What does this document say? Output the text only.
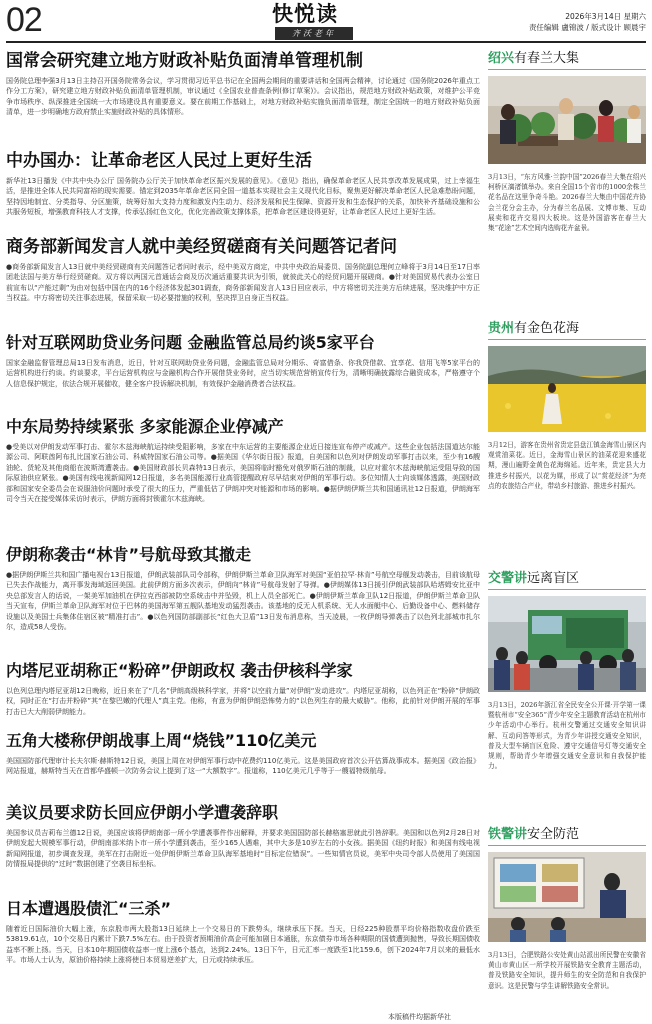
02	快悦读
齐沃老年
2026年3月14日 星期六
责任编辑 盧锦波 / 版式设计 顾晨宇
国常会研究建立地方财政补贴负面清单管理机制
国务院总理李强3月13日主持召开国务院常务会议，学习贯彻习近平总书记在全国两会期间的重要讲话和全国两会精神，讨论通过《国务院2026年重点工作分工方案》，研究建立地方财政补贴负面清单管理机制，审议通过《全国农业普查条例(修订草案)》。会议指出，规范地方财政补贴政策，对维护公平竞争市场秩序、纵深推进全国统一大市场建设具有重要意义。要在前期工作基础上，对地方财政补贴实施负面清单管理，制定全国统一的地方财政补贴负面清单，进一步明确地方政府禁止实施财政补贴的具体情形。
中办国办：让革命老区人民过上更好生活
新华社13日播发《中共中央办公厅 国务院办公厅关于加快革命老区振兴发展的意见》。《意见》指出，确保革命老区人民共享改革发展成果，过上幸福生活，是推进全体人民共同富裕的现实需要。锚定到2035年革命老区同全国一道基本实现社会主义现代化目标，聚焦更好解决革命老区人民急难愁盼问题，坚持因地制宜、分类指导、分区施策，统筹好加大支持力度和激发内生动力、经济发展和民生保障、资源开发和生态保护的关系，加快补齐基础设施和公共服务短板，增强教育科技人才支撑，传承弘扬红色文化，优化完善政策支撑体系，把革命老区建设得更好，让革命老区人民过上更好生活。
商务部新闻发言人就中美经贸磋商有关问题答记者问
●商务部新闻发言人13日就中美经贸磋商有关问题答记者问时表示，经中美双方商定，中共中央政治局委员、国务院副总理何立峰将于3月14日至17日率团赴法国与美方举行经贸磋商。双方将以两国元首通话会商及历次通话重要共识为引领，就彼此关心的经贸问题开展磋商。●针对美国贸易代表办公室日前宣布以“产能过剩”为由对包括中国在内的16个经济体发起301调查，商务部新闻发言人13日回应表示，中方将密切关注美方后续进展，坚决维护中方正当权益。中方将密切关注事态进展，保留采取一切必要措施的权利，坚决捍卫自身正当权益。
针对互联网助贷业务问题 金融监管总局约谈5家平台
国家金融监督管理总局13日发布消息，近日，针对互联网助贷业务问题，金融监管总局对分期乐、奇富借条、你我贷借款、宜享花、信用飞等5家平台的运营机构进行约谈。约谈要求，平台运营机构应与金融机构合作开展借贷业务时，应当切实规范营销宣传行为，清晰明确披露综合融资成本，严格遵守个人信息保护规定，依法合规开展催收，健全客户投诉解决机制，有效保护金融消费者合法权益。
中东局势持续紧张 多家能源企业停减产
●受美以对伊朗发动军事打击、霍尔木兹海峡航运持续受阻影响，多家在中东运营的主要能源企业近日接连宣布停产或减产。这些企业包括法国道达尔能源公司、阿联酋阿布扎比国家石油公司、科威特国家石油公司等。●据美国《华尔街日报》报道，自美国和以色列对伊朗发动军事打击以来，至少有16艘油轮、货轮及其他商船在波斯湾遭袭击。●美国财政部长贝森特13日表示，美国将临时豁免对俄罗斯石油的制裁，以应对霍尔木兹海峡航运受阻导致的国际原油供应紧张。●美国有线电视新闻网12日报道，多名美国能源行业高管提醒政府尽早结束对伊朗的军事行动。多位知情人士向该媒体透露，美国财政部和国家安全委员会在说服油价问题时承受了很大的压力，严重低估了伊朗冲突对能源和市场的影响。●据伊朗伊斯兰共和国通讯社12日报道，伊朗海军司令当天在接受媒体采访时表示，伊朗方面将封锁霍尔木兹海峡。
伊朗称袭击“林肯”号航母致其撤走
●据伊朗伊斯兰共和国广播电视台13日报道，伊朗武装部队司令部称，伊朗伊斯兰革命卫队海军对美国“亚伯拉罕·林肯”号航空母舰发动袭击，目前该航母已失去作战能力，离开事发海域返回美国。此前伊朗方面多次表示，伊朗向“林肯”号航母发射了导弹。●伊朗媒体13日援引伊朗武装部队哈塔姆安比亚中央总部发言人的话说，一架美军加油机在伊拉克西部被防空系统击中并坠毁，机上人员全部死亡。●伊朗伊斯兰革命卫队12日报道，伊朗伊斯兰革命卫队当天宣布，伊斯兰革命卫队海军对位于巴林的美国海军第五舰队基地发动猛烈袭击。该基地的反无人机系统、无人水面艇中心、后勤设备中心、燃料储存设施以及美国士兵集体住宿区被“精准打击”。●以色列国防部副部长“红色大卫盾”13日发布消息称，当天凌晨，一枚伊朗导弹袭击了以色列北部城市扎尔尔，造成58人受伤。
内塔尼亚胡称正“粉碎”伊朗政权 袭击伊核科学家
以色列总理内塔尼亚胡12日晚称，近日来在了“几名”伊朗高级核科学家，并将“以空前力量”对伊朗“发动进攻”。内塔尼亚胡称，以色列正在“粉碎”伊朗政权，同时正在“打击并粉碎”其“在黎巴嫩的代理人”真主党。他称，有意为伊朗伊朗恐怖势力的“以色列生存的最大威胁”。他称，此前针对伊朗开展的军事打击已大大削弱伊朗能力。
五角大楼称伊朗战事上周“烧钱”110亿美元
美国国防部代理审计长夫尔斯·赫斯特12日说，美国上周在对伊朗军事行动中花费约110亿美元。这是美国政府首次公开估算战事成本。据美国《政治报》网站报道，赫斯特当天在首都华盛顿一次防务会议上提到了这一“大额数字”。报道称，110亿美元几乎等于一艘福特级航母。
美议员要求防长回应伊朗小学遭袭辞职
美国参议员吉莉布兰德12日说，美国应该将伊朗南部一所小学遭袭事件作出解释，并要求美国国防部长赫格塞思就此引咎辞职。美国和以色列2月28日对伊朗发起大规模军事行动，伊朗南部米纳卜市一所小学遭到袭击，至少165人遇难，其中大多是10岁左右的小女孩。据美国《纽约时报》和美国有线电视新闻网报道，初步调查发现，美军在打击附近一处伊朗伊斯兰革命卫队海军基地时“目标定位错误”。一些知情官员说，美军中央司令部人员使用了美国国防情报局提供的“过时”数据创建了空袭目标坐标。
日本遭遇股债汇“三杀”
随着近日国际油价大幅上涨，东京股市两大股指13日延续上一个交易日的下跌势头，继续承压下探。当天，日经225种股票平均价格指数收盘价跌至53819.61点，10个交易日内累计下跌7.5%左右。由于投资者预期油价高企可能加剧日本通胀，东京债券市场各种期限的国债遭到抛售，导致长期国债收益率不断上扬。当天，日本10年期国债收益率一度上涨6个基点，达到2.24%。13日下午，日元汇率一度跌至1比159.6，创下2024年7月以来的最低水平。市场人士认为，原油价格持续上涨将使日本贸易逆差扩大，日元或持续承压。
本版稿件均据新华社
绍兴有春兰大集
3月13日，“东方风雅·兰韵中国”2026春兰大集在绍兴柯桥区漓渚镇举办。来自全国15个省市的1000余株兰花名品在这里争奇斗艳。2026春兰大集由中国花卉协会兰花分会主办，分为春兰名品展、文博市集、互动展卖和花卉交易四大板块。这是外国游客在春兰大集“花途”艺术空间内选购花卉盆景。
贵州有金色花海
3月12日，游客在贵州省贵定县盘江镇金海雪山景区内观赏油菜花。近日，金海雪山景区的油菜花迎来盛花期，漫山遍野金黄色花海绵延。近年来，贵定县大力推进乡村振兴，以花为媒，形成了以“赏花经济”为亮点的农旅结合产业，带动乡村旅游、推进乡村振兴。
交警讲远离盲区
3月13日，2026年浙江省全民安全公开课·开学第一课暨杭州市“安全365”青少年安全主题教育活动在杭州市少年活动中心举行。杭州交警通过交通安全知识讲解、互动问答等形式，为青少年讲授交通安全知识，普及大型车辆盲区危险、遵守交通信号灯等交通安全规则，帮助青少年增强交通安全意识和自我保护能力。
铁警讲安全防范
3月13日，合肥铁路公安处黄山站派出所民警在安徽省黄山市黄山区一所学校开展铁路安全教育主题活动，普及铁路安全知识，提升师生的安全防范和自我保护意识。这是民警与学生讲解铁路安全常识。
